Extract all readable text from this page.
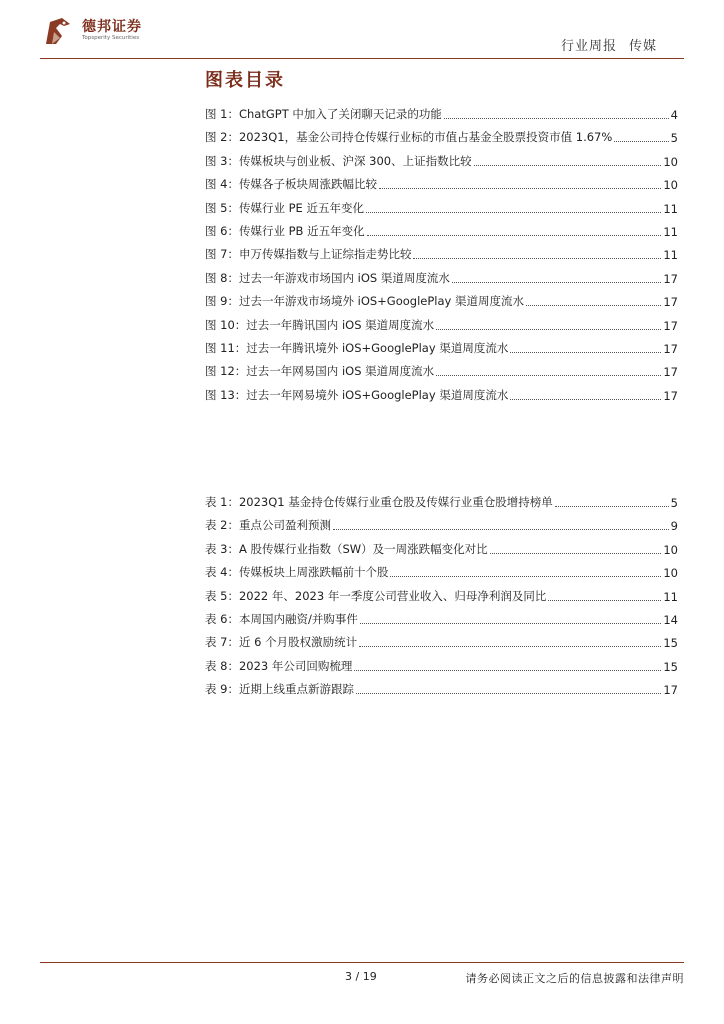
德邦证券
Topsperity Securities
行业周报 传媒
图表目录
图 1：ChatGPT 中加入了关闭聊天记录的功能	4
图 2：2023Q1，基金公司持仓传媒行业标的市值占基金全股票投资市值 1.67%	5
图 3：传媒板块与创业板、沪深 300、上证指数比较	10
图 4：传媒各子板块周涨跌幅比较	10
图 5：传媒行业 PE 近五年变化	11
图 6：传媒行业 PB 近五年变化	11
图 7：申万传媒指数与上证综指走势比较	11
图 8：过去一年游戏市场国内 iOS 渠道周度流水	17
图 9：过去一年游戏市场境外 iOS+GooglePlay 渠道周度流水	17
图 10：过去一年腾讯国内 iOS 渠道周度流水	17
图 11：过去一年腾讯境外 iOS+GooglePlay 渠道周度流水	17
图 12：过去一年网易国内 iOS 渠道周度流水	17
图 13：过去一年网易境外 iOS+GooglePlay 渠道周度流水	17
表 1：2023Q1 基金持仓传媒行业重仓股及传媒行业重仓股增持榜单	5
表 2：重点公司盈利预测	9
表 3：A 股传媒行业指数（SW）及一周涨跌幅变化对比	10
表 4：传媒板块上周涨跌幅前十个股	10
表 5：2022 年、2023 年一季度公司营业收入、归母净利润及同比	11
表 6：本周国内融资/并购事件	14
表 7：近 6 个月股权激励统计	15
表 8：2023 年公司回购梳理	15
表 9：近期上线重点新游跟踪	17
3 / 19	请务必阅读正文之后的信息披露和法律声明
